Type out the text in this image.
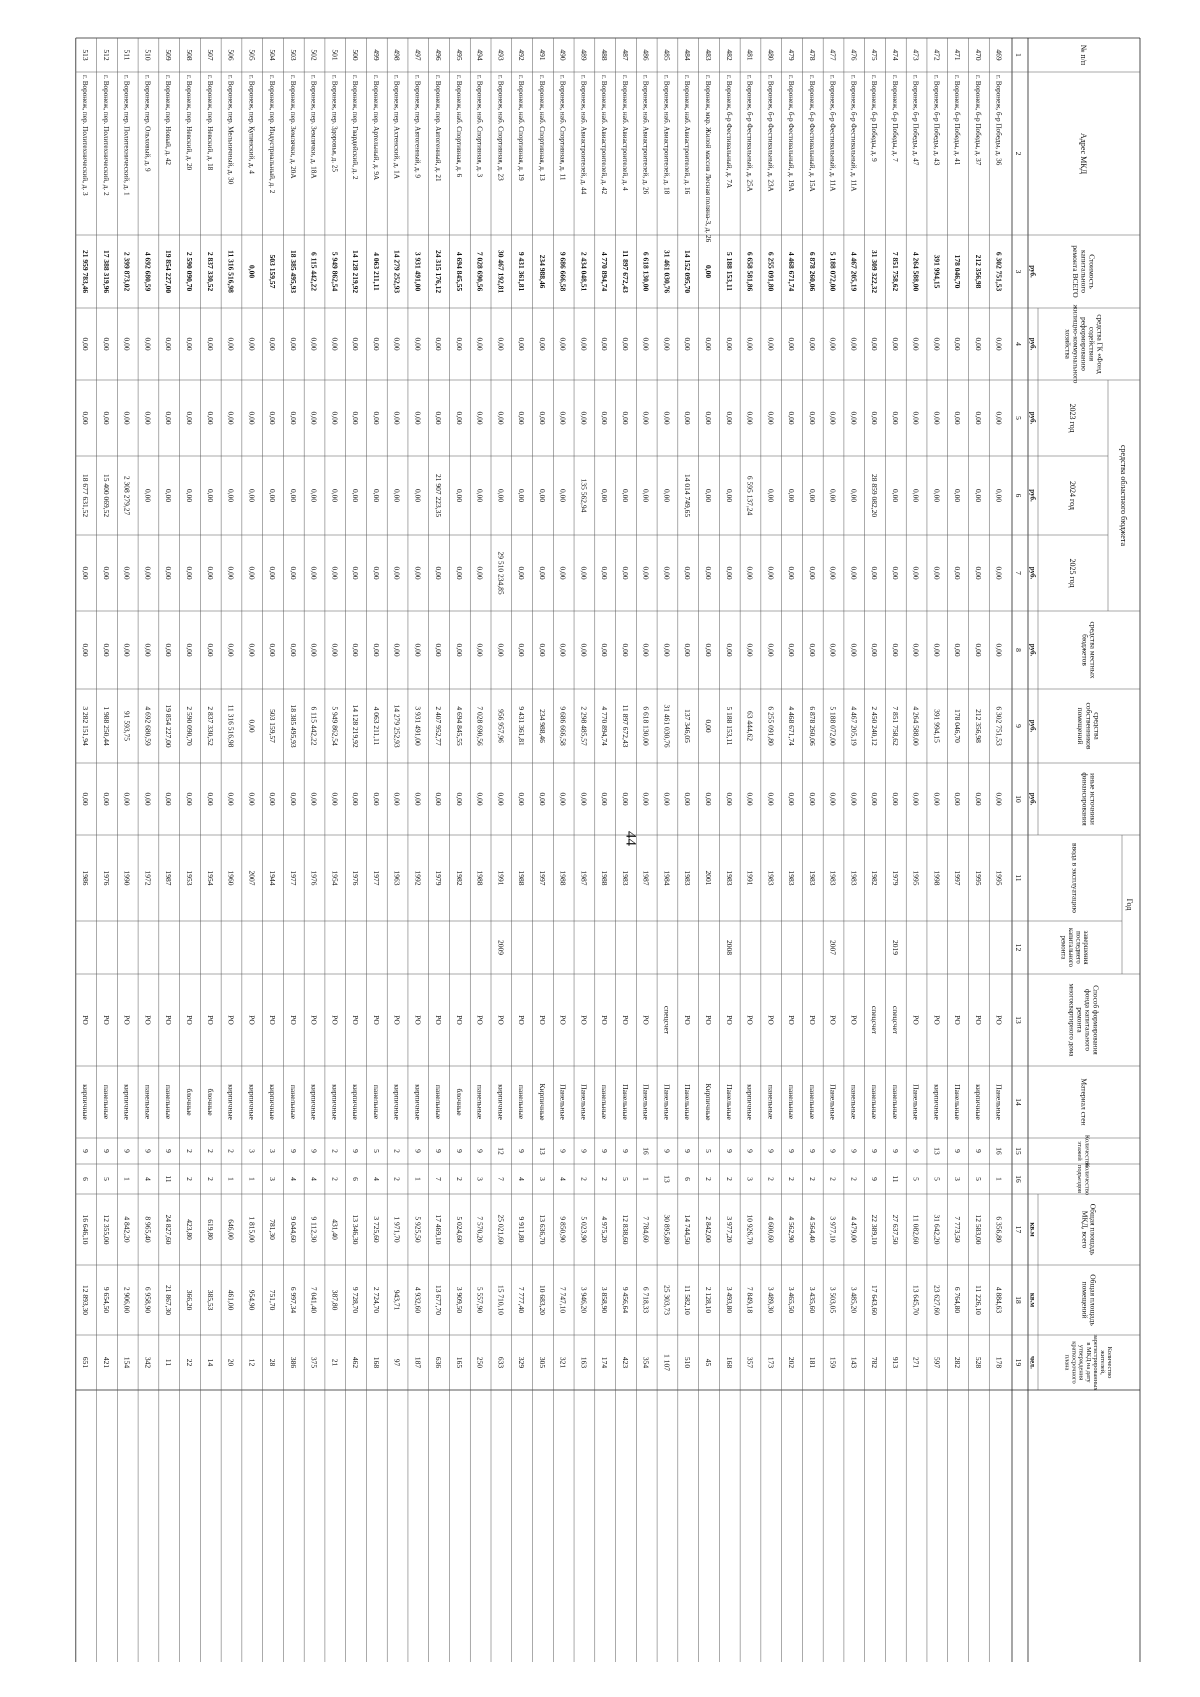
44
№ п/п
Адрес МКД
Стоимостькапитальногоремонта ВСЕГО
средства ГК «Фондсодействияреформированиюжилищно-коммунальногохозяйства
средства областного бюджета
2023 год
2024 год
2025 год
средства местныхбюджетов
средствасобственниковпомещений
иные источникифинансирования
Год
ввода в эксплуатацию
завершенияпоследнегокапитальногоремонта
Способ формированияфонда капитальногоремонтамногоквартирного дома
Материал стен
Количествоэтажей
Количествоподъездов
Общая площадьМКД, всего
Общая площадьпомещений
Количествожителей,зарегистрированныхв МКД на датуутверждениякраткосрочногоплана
руб.
руб.
руб.
руб.
руб.
руб.
руб.
руб.
кв.м
кв.м
чел.
1
2
3
4
5
6
7
8
9
10
11
12
13
14
15
16
17
18
19
469
г. Воронеж, б-р Победы, д. 36
6 302 751,53
0,00
0,00
0,00
0,00
0,00
6 302 751,53
0,00
1995
РО
Панельные
16
1
6 356,80
4 884,63
178
470
г. Воронеж, б-р Победы, д. 37
212 356,98
0,00
0,00
0,00
0,00
0,00
212 356,98
0,00
1995
РО
кирпичные
9
5
12 583,00
11 226,10
528
471
г. Воронеж, б-р Победы, д. 41
178 046,70
0,00
0,00
0,00
0,00
0,00
178 046,70
0,00
1997
РО
Панельные
9
3
7 773,50
6 764,80
282
472
г. Воронеж, б-р Победы, д. 43
391 994,15
0,00
0,00
0,00
0,00
0,00
391 994,15
0,00
1998
РО
кирпичные
13
5
31 642,20
23 627,60
597
473
г. Воронеж, б-р Победы, д. 47
4 264 588,00
0,00
0,00
0,00
0,00
0,00
4 264 588,00
0,00
1995
РО
Панельные
9
5
11 082,60
13 645,70
271
474
г. Воронеж, б-р Победы, д. 7
7 851 758,62
0,00
0,00
0,00
0,00
0,00
7 851 758,62
0,00
1979
2019
спецсчет
панельные
9
11
27 637,50
913
475
г. Воронеж, б-р Победы, д. 9
31 309 322,32
0,00
0,00
28 859 082,20
0,00
0,00
2 450 240,12
0,00
1982
спецсчет
панельные
9
9
22 389,10
17 643,60
782
476
г. Воронеж, б-р Фестивальный, д. 11А
4 467 205,19
0,00
0,00
0,00
0,00
0,00
4 467 205,19
0,00
1983
РО
панельные
9
2
4 479,00
3 485,20
143
477
г. Воронеж, б-р Фестивальный, д. 11А
5 188 072,00
0,00
0,00
0,00
0,00
0,00
5 188 072,00
0,00
1983
2007
РО
Панельные
9
2
3 977,10
3 503,05
159
478
г. Воронеж, б-р Фестивальный, д. 15А
6 878 260,06
0,00
0,00
0,00
0,00
0,00
6 878 260,06
0,00
1983
РО
панельные
9
2
4 564,40
3 435,60
181
479
г. Воронеж, б-р Фестивальный, д. 19А
4 468 671,74
0,00
0,00
0,00
0,00
0,00
4 468 671,74
0,00
1983
РО
панельные
9
2
4 562,90
3 465,50
202
480
г. Воронеж, б-р Фестивальный, д. 23А
6 255 091,80
0,00
0,00
0,00
0,00
0,00
6 255 091,80
0,00
1983
РО
панельные
9
2
4 600,60
3 489,30
173
481
г. Воронеж, б-р Фестивальный, д. 25А
6 658 581,86
0,00
0,00
6 595 137,24
0,00
0,00
63 444,62
0,00
1991
РО
кирпичные
9
3
10 926,70
7 849,18
357
482
г. Воронеж, б-р Фестивальный, д. 7А
5 188 153,11
0,00
0,00
0,00
0,00
0,00
5 188 153,11
0,00
1983
2008
РО
Панельные
9
2
3 977,20
3 493,80
168
483
г. Воронеж, мкр. Жилой массив Лесная поляна-3, д. 26
0,00
0,00
0,00
0,00
0,00
0,00
0,00
0,00
2001
РО
Кирпичные
5
2
2 842,00
2 128,10
45
484
г. Воронеж, наб. Авиастроителей, д. 16
14 152 095,70
0,00
0,00
14 014 749,65
0,00
0,00
137 346,05
0,00
1983
РО
Панельные
9
6
14 744,50
11 582,10
510
485
г. Воронеж, наб. Авиастроителей, д. 18
31 461 030,76
0,00
0,00
0,00
0,00
0,00
31 461 030,76
0,00
1984
спецсчет
Панельные
9
13
30 895,80
25 303,73
1 107
486
г. Воронеж, наб. Авиастроителей, д. 26
6 618 130,00
0,00
0,00
0,00
0,00
0,00
6 618 130,00
0,00
1987
РО
Панельные
16
1
7 784,60
6 718,33
354
487
г. Воронеж, наб. Авиастроителей, д. 4
11 897 672,43
0,00
0,00
0,00
0,00
0,00
11 897 672,43
0,00
1983
РО
Панельные
9
5
12 838,60
9 456,64
423
488
г. Воронеж, наб. Авиастроителей, д. 42
4 770 894,74
0,00
0,00
0,00
0,00
0,00
4 770 894,74
0,00
1988
РО
панельные
9
2
4 975,20
3 858,90
174
489
г. Воронеж, наб. Авиастроителей, д. 44
2 434 048,51
0,00
0,00
135 562,94
0,00
0,00
2 298 485,57
0,00
1987
РО
Панельные
9
2
5 023,90
3 946,20
163
490
г. Воронеж, наб. Спортивная, д. 11
9 686 666,58
0,00
0,00
0,00
0,00
0,00
9 686 666,58
0,00
1988
РО
Панельные
9
4
9 850,90
7 747,10
321
491
г. Воронеж, наб. Спортивная, д. 13
234 988,46
0,00
0,00
0,00
0,00
0,00
234 988,46
0,00
1997
РО
Кирпичные
13
3
13 636,70
10 683,20
305
492
г. Воронеж, наб. Спортивная, д. 19
9 431 361,81
0,00
0,00
0,00
0,00
0,00
9 431 361,81
0,00
1988
РО
панельные
9
4
9 911,80
7 777,40
329
493
г. Воронеж, наб. Спортивная, д. 23
30 467 192,81
0,00
0,00
0,00
29 510 234,85
0,00
956 957,96
0,00
1991
2009
РО
кирпичные
12
7
25 021,60
15 710,10
633
494
г. Воронеж, наб. Спортивная, д. 3
7 028 690,56
0,00
0,00
0,00
0,00
0,00
7 028 690,56
0,00
1988
РО
панельные
9
3
7 570,20
5 557,90
250
495
г. Воронеж, наб. Спортивная, д. 6
4 694 845,55
0,00
0,00
0,00
0,00
0,00
4 694 845,55
0,00
1982
РО
блочные
9
2
5 024,60
3 909,50
165
496
г. Воронеж, пер. Автогенный, д. 21
24 315 176,12
0,00
0,00
21 907 223,35
0,00
0,00
2 407 952,77
0,00
1979
РО
панельные
9
7
17 469,10
13 677,70
636
497
г. Воронеж, пер. Автогенный, д. 9
3 931 491,00
0,00
0,00
0,00
0,00
0,00
3 931 491,00
0,00
1992
РО
кирпичные
9
1
5 925,50
4 932,60
187
498
г. Воронеж, пер. Ахтенский, д. 1А
14 279 252,93
0,00
0,00
0,00
0,00
0,00
14 279 252,93
0,00
1963
РО
кирпичные
2
2
1 971,70
943,71
97
499
г. Воронеж, пер. Артельный, д. 9А
4 063 211,11
0,00
0,00
0,00
0,00
0,00
4 063 211,11
0,00
1977
РО
панельные
5
4
3 725,60
2 724,70
168
500
г. Воронеж, пер. Гвардейский, д. 2
14 128 219,92
0,00
0,00
0,00
0,00
0,00
14 128 219,92
0,00
1976
РО
кирпичные
9
6
13 346,30
9 728,70
462
501
г. Воронеж, пер. Здоровья, д. 25
5 949 862,54
0,00
0,00
0,00
0,00
0,00
5 949 862,54
0,00
1954
РО
кирпичные
2
2
431,40
387,80
21
502
г. Воронеж, пер. Землячки, д. 18А
6 115 442,22
0,00
0,00
0,00
0,00
0,00
6 115 442,22
0,00
1976
РО
кирпичные
9
4
9 112,30
7 041,40
375
503
г. Воронеж, пер. Землячки, д. 20А
18 385 495,93
0,00
0,00
0,00
0,00
0,00
18 385 495,93
0,00
1977
РО
панельные
9
4
9 044,60
6 997,34
386
504
г. Воронеж, пер. Индустриальный, д. 2
503 159,57
0,00
0,00
0,00
0,00
0,00
503 159,57
0,00
1944
РО
кирпичные
3
3
781,30
751,70
28
505
г. Воронеж, пер. Купянский, д. 4
0,00
0,00
0,00
0,00
0,00
0,00
0,00
0,00
2007
РО
кирпичные
3
1
1 815,00
954,90
12
506
г. Воронеж, пер. Мельничный, д. 30
11 316 516,98
0,00
0,00
0,00
0,00
0,00
11 316 516,98
0,00
1960
РО
кирпичные
2
1
646,00
461,00
20
507
г. Воронеж, пер. Невский, д. 18
2 837 330,52
0,00
0,00
0,00
0,00
0,00
2 837 330,52
0,00
1954
РО
блочные
2
2
619,80
385,53
14
508
г. Воронеж, пер. Невский, д. 20
2 590 090,70
0,00
0,00
0,00
0,00
0,00
2 590 090,70
0,00
1953
РО
блочные
2
2
423,80
366,20
22
509
г. Воронеж, пер. Новый, д. 42
19 854 227,00
0,00
0,00
0,00
0,00
0,00
19 854 227,00
0,00
1987
РО
панельные
9
11
24 827,60
21 867,30
11
510
г. Воронеж, пер. Ольховый, д. 9
4 692 680,59
0,00
0,00
0,00
0,00
0,00
4 692 680,59
0,00
1972
РО
панельные
9
4
8 965,40
6 958,90
342
511
г. Воронеж, пер. Политехнический, д. 1
2 399 873,02
0,00
0,00
2 308 279,27
0,00
0,00
91 593,75
0,00
1990
РО
кирпичные
9
1
4 842,20
2 906,00
154
512
г. Воронеж, пер. Политехнический, д. 2
17 388 319,96
0,00
0,00
15 400 069,52
0,00
0,00
1 988 250,44
0,00
1976
РО
панельные
9
5
12 355,00
9 654,50
421
513
г. Воронеж, пер. Политехнический, д. 3
21 959 783,46
0,00
0,00
18 677 631,52
0,00
0,00
3 282 151,94
0,00
1986
РО
кирпичные
9
6
16 646,10
12 893,30
651
